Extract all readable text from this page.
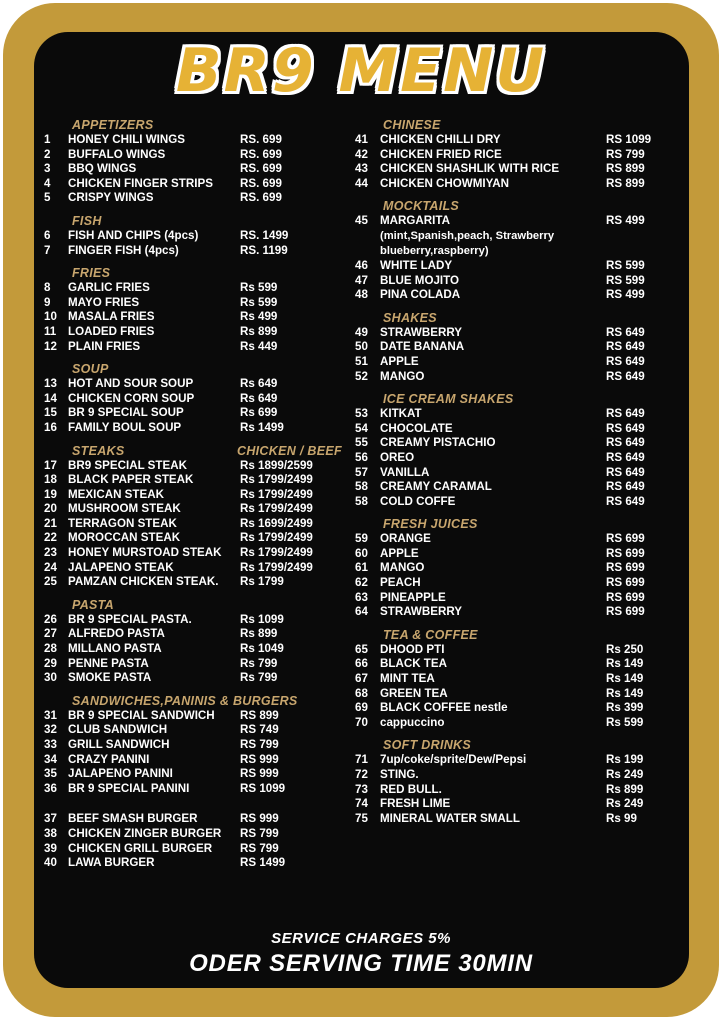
BR9 MENU
APPETIZERS
1	HONEY CHILI WINGS	RS. 699
2	BUFFALO WINGS	RS. 699
3	BBQ WINGS	RS. 699
4	CHICKEN FINGER STRIPS RS. 699
5	CRISPY WINGS	RS. 699
FISH
6	FISH AND CHIPS (4pcs)	RS. 1499
7	FINGER FISH (4pcs)	RS. 1199
FRIES
8	GARLIC FRIES	Rs 599
9	MAYO FRIES	Rs 599
10 MASALA FRIES	Rs 499
11	LOADED FRIES	Rs 899
12 PLAIN FRIES	Rs 449
SOUP
13 HOT AND SOUR SOUP	Rs 649
14 CHICKEN CORN SOUP	Rs 649
15 BR 9 SPECIAL SOUP	Rs 699
16 FAMILY BOUL SOUP	Rs 1499
STEAKS	CHICKEN / BEEF
17 BR9 SPECIAL STEAK	Rs 1899/2599
18 BLACK PAPER STEAK	Rs 1799/2499
19 MEXICAN STEAK	Rs 1799/2499
20 MUSHROOM STEAK	Rs 1799/2499
21 TERRAGON STEAK	Rs 1699/2499
22 MOROCCAN STEAK	Rs 1799/2499
23 HONEY MURSTOAD STEAK Rs 1799/2499
24 JALAPENO STEAK	Rs 1799/2499
25 PAMZAN CHICKEN STEAK. Rs 1799
PASTA
26 BR 9 SPECIAL PASTA.	Rs 1099
27 ALFREDO PASTA	Rs 899
28 MILLANO PASTA	Rs 1049
29 PENNE PASTA	Rs 799
30 SMOKE PASTA	Rs 799
SANDWICHES,PANINIS & BURGERS
31 BR 9 SPECIAL SANDWICH RS 899
32 CLUB SANDWICH	RS 749
33 GRILL SANDWICH	RS 799
34 CRAZY PANINI	RS 999
35 JALAPENO PANINI	RS 999
36 BR 9 SPECIAL PANINI	RS 1099
37 BEEF SMASH BURGER	RS 999
38 CHICKEN ZINGER BURGER RS 799
39 CHICKEN GRILL BURGER RS 799
40 LAWA BURGER	RS 1499
CHINESE
41	CHICKEN CHILLI DRY	RS 1099
42	CHICKEN FRIED RICE	RS 799
43	CHICKEN SHASHLIK WITH RICE	RS 899
44	CHICKEN CHOWMIYAN	RS 899
MOCKTAILS
45	MARGARITA	RS 499
(mint,Spanish,peach, Strawberry
blueberry,raspberry)
46	WHITE LADY	RS 599
47	BLUE MOJITO	RS 599
48	PINA COLADA	RS 499
SHAKES
49	STRAWBERRY	RS 649
50	DATE BANANA	RS 649
51	APPLE	RS 649
52	MANGO	RS 649
ICE CREAM SHAKES
53	KITKAT	RS 649
54	CHOCOLATE	RS 649
55	CREAMY PISTACHIO	RS 649
56	OREO	RS 649
57	VANILLA	RS 649
58	CREAMY CARAMAL	RS 649
58	COLD COFFE	RS 649
FRESH JUICES
59	ORANGE	RS 699
60	APPLE	RS 699
61	MANGO	RS 699
62	PEACH	RS 699
63	PINEAPPLE	RS 699
64	STRAWBERRY	RS 699
TEA & COFFEE
65	DHOOD PTI	Rs 250
66	BLACK TEA	Rs 149
67	MINT TEA	Rs 149
68	GREEN TEA	Rs 149
69	BLACK COFFEE nestle	Rs 399
70	cappuccino	Rs 599
SOFT DRINKS
71	7up/coke/sprite/Dew/Pepsi	Rs 199
72	STING.	Rs 249
73	RED BULL.	Rs 899
74	FRESH LIME	Rs 249
75	MINERAL WATER SMALL	Rs 99
SERVICE CHARGES 5%
ODER SERVING TIME 30MIN
